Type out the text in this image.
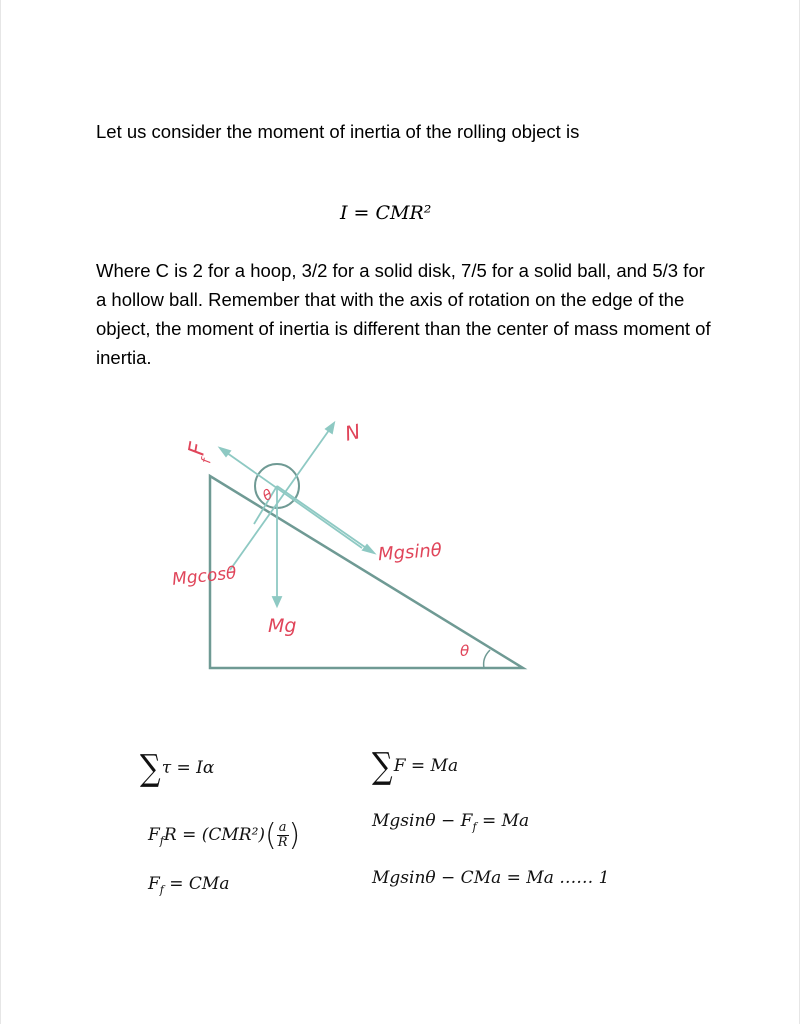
Let us consider the moment of inertia of the rolling object is
I = CMR²
Where C is 2 for a hoop, 3/2 for a solid disk, 7/5 for a solid ball, and 5/3 for a hollow ball. Remember that with the axis of rotation on the edge of the object, the moment of inertia is different than the center of mass moment of inertia.
F
f
N
Mgsinθ
Mgcosθ
Mg
θ
θ
∑τ = Iα
$F_fR = (CMR^2)( \frac{a}{R}$ )
$F_f$ = CMa
∑F = Ma
$Mgsin\theta - F_f = Ma$
Mgsinθ − CMa = Ma …… 1
